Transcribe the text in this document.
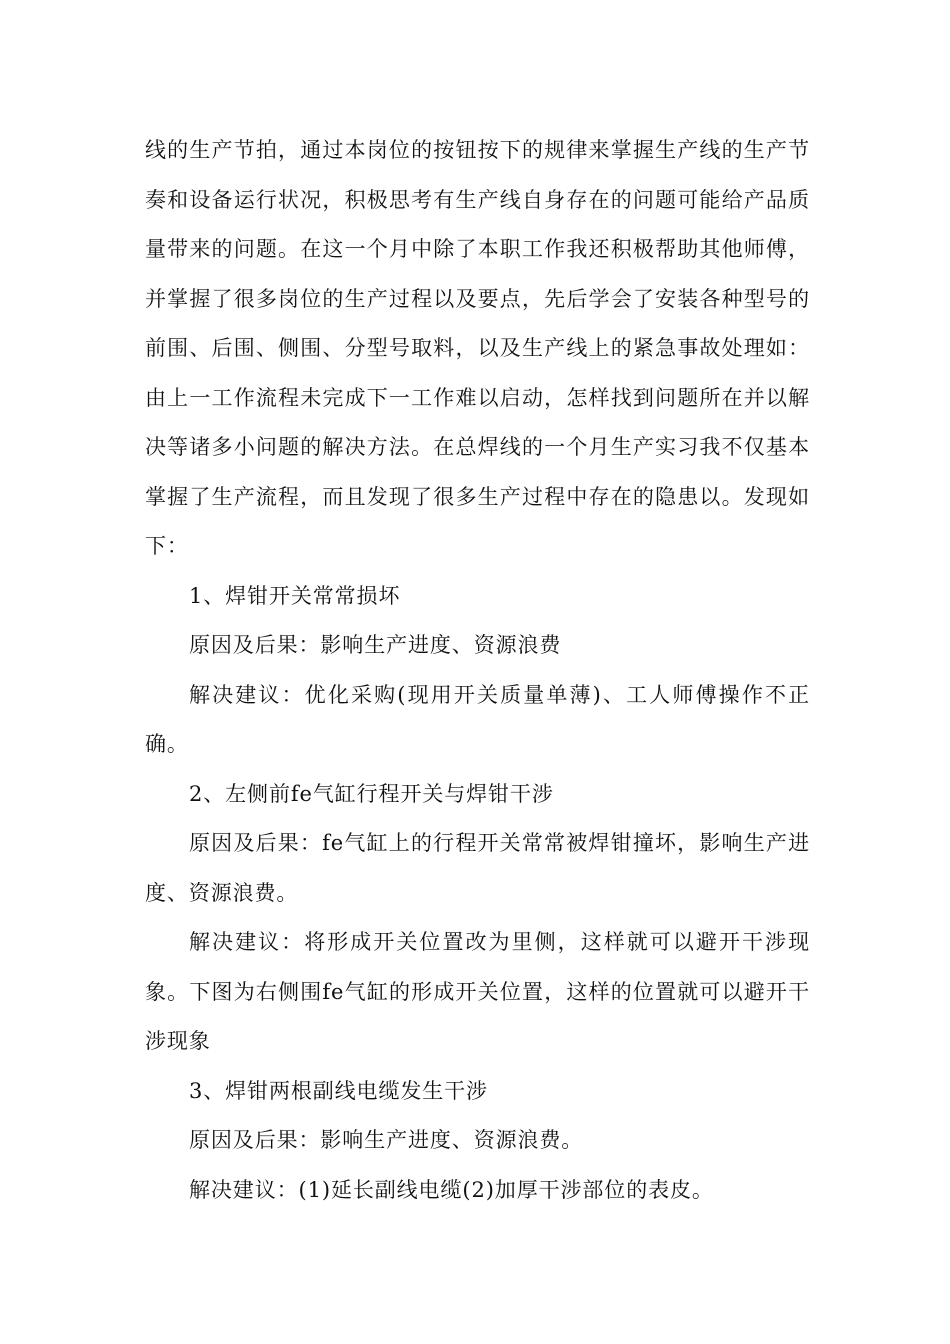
线的生产节拍，通过本岗位的按钮按下的规律来掌握生产线的生产节奏和设备运行状况，积极思考有生产线自身存在的问题可能给产品质量带来的问题。在这一个月中除了本职工作我还积极帮助其他师傅，并掌握了很多岗位的生产过程以及要点，先后学会了安装各种型号的前围、后围、侧围、分型号取料，以及生产线上的紧急事故处理如：由上一工作流程未完成下一工作难以启动，怎样找到问题所在并以解决等诸多小问题的解决方法。在总焊线的一个月生产实习我不仅基本掌握了生产流程，而且发现了很多生产过程中存在的隐患以。发现如下：

1、焊钳开关常常损坏

原因及后果：影响生产进度、资源浪费

解决建议：优化采购(现用开关质量单薄)、工人师傅操作不正确。

2、左侧前fe气缸行程开关与焊钳干涉

原因及后果：fe气缸上的行程开关常常被焊钳撞坏，影响生产进度、资源浪费。

解决建议：将形成开关位置改为里侧，这样就可以避开干涉现象。下图为右侧围fe气缸的形成开关位置，这样的位置就可以避开干涉现象

3、焊钳两根副线电缆发生干涉

原因及后果：影响生产进度、资源浪费。

解决建议：(1)延长副线电缆(2)加厚干涉部位的表皮。
